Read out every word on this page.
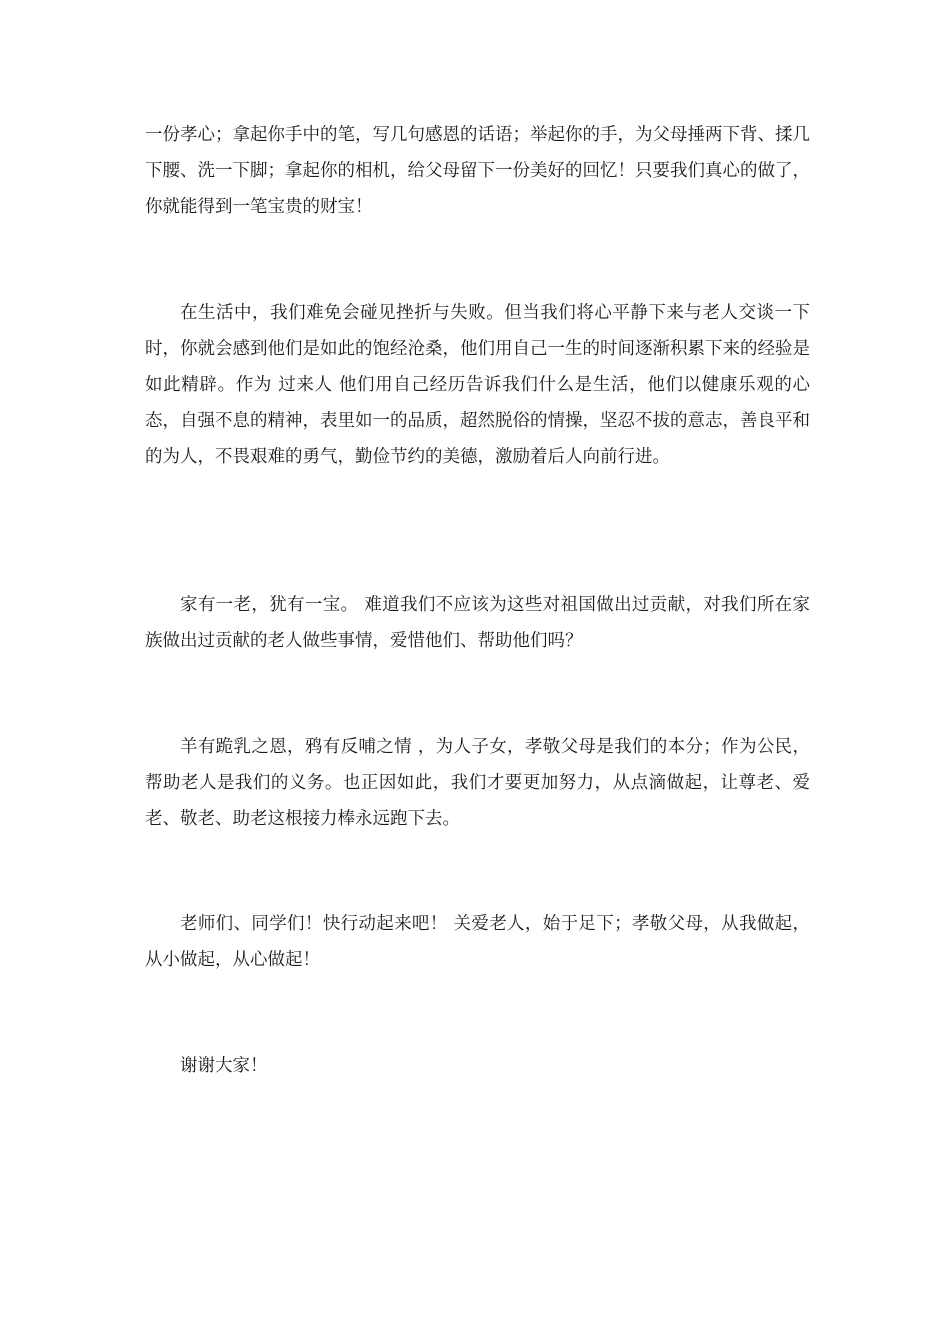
一份孝心；拿起你手中的笔，写几句感恩的话语；举起你的手，为父母捶两下背、揉几下腰、洗一下脚；拿起你的相机，给父母留下一份美好的回忆！只要我们真心的做了，你就能得到一笔宝贵的财宝！

在生活中，我们难免会碰见挫折与失败。但当我们将心平静下来与老人交谈一下时，你就会感到他们是如此的饱经沧桑，他们用自己一生的时间逐渐积累下来的经验是如此精辟。作为 过来人 他们用自己经历告诉我们什么是生活，他们以健康乐观的心态，自强不息的精神，表里如一的品质，超然脱俗的情操，坚忍不拔的意志，善良平和的为人，不畏艰难的勇气，勤俭节约的美德，激励着后人向前行进。

家有一老，犹有一宝。 难道我们不应该为这些对祖国做出过贡献，对我们所在家族做出过贡献的老人做些事情，爱惜他们、帮助他们吗？

羊有跪乳之恩，鸦有反哺之情 ，为人子女，孝敬父母是我们的本分；作为公民，帮助老人是我们的义务。也正因如此，我们才要更加努力，从点滴做起，让尊老、爱老、敬老、助老这根接力棒永远跑下去。

老师们、同学们！快行动起来吧！ 关爱老人，始于足下；孝敬父母，从我做起，从小做起，从心做起！

谢谢大家！
